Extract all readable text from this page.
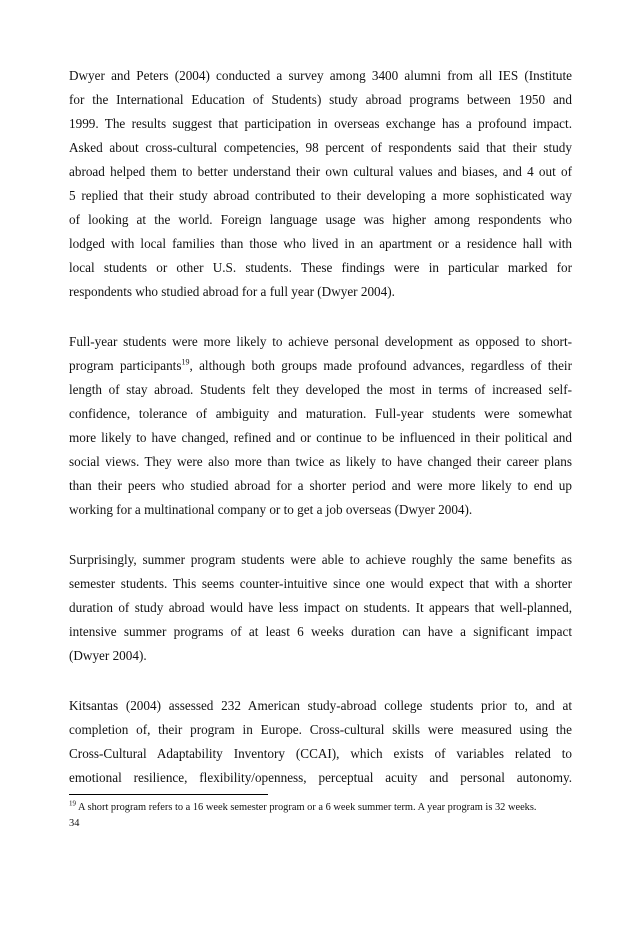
Dwyer and Peters (2004) conducted a survey among 3400 alumni from all IES (Institute
for the International Education of Students) study abroad programs between 1950 and
1999. The results suggest that participation in overseas exchange has a profound impact.
Asked about cross-cultural competencies, 98 percent of respondents said that their study
abroad helped them to better understand their own cultural values and biases, and 4 out of
5 replied that their study abroad contributed to their developing a more sophisticated way
of looking at the world. Foreign language usage was higher among respondents who
lodged with local families than those who lived in an apartment or a residence hall with
local students or other U.S. students. These findings were in particular marked for
respondents who studied abroad for a full year (Dwyer 2004).
Full-year students were more likely to achieve personal development as opposed to short-
program participants$^{19}$, although both groups made profound advances, regardless of their
length of stay abroad. Students felt they developed the most in terms of increased self-
confidence, tolerance of ambiguity and maturation. Full-year students were somewhat
more likely to have changed, refined and or continue to be influenced in their political and
social views. They were also more than twice as likely to have changed their career plans
than their peers who studied abroad for a shorter period and were more likely to end up
working for a multinational company or to get a job overseas (Dwyer 2004).
Surprisingly, summer program students were able to achieve roughly the same benefits as
semester students. This seems counter-intuitive since one would expect that with a shorter
duration of study abroad would have less impact on students. It appears that well-planned,
intensive summer programs of at least 6 weeks duration can have a significant impact
(Dwyer 2004).
Kitsantas (2004) assessed 232 American study-abroad college students prior to, and at
completion of, their program in Europe. Cross-cultural skills were measured using the
Cross-Cultural Adaptability Inventory (CCAI), which exists of variables related to
emotional resilience, flexibility/openness, perceptual acuity and personal autonomy.
$^{19}$ A short program refers to a 16 week semester program or a 6 week summer term. A year program is 32 weeks.
34
